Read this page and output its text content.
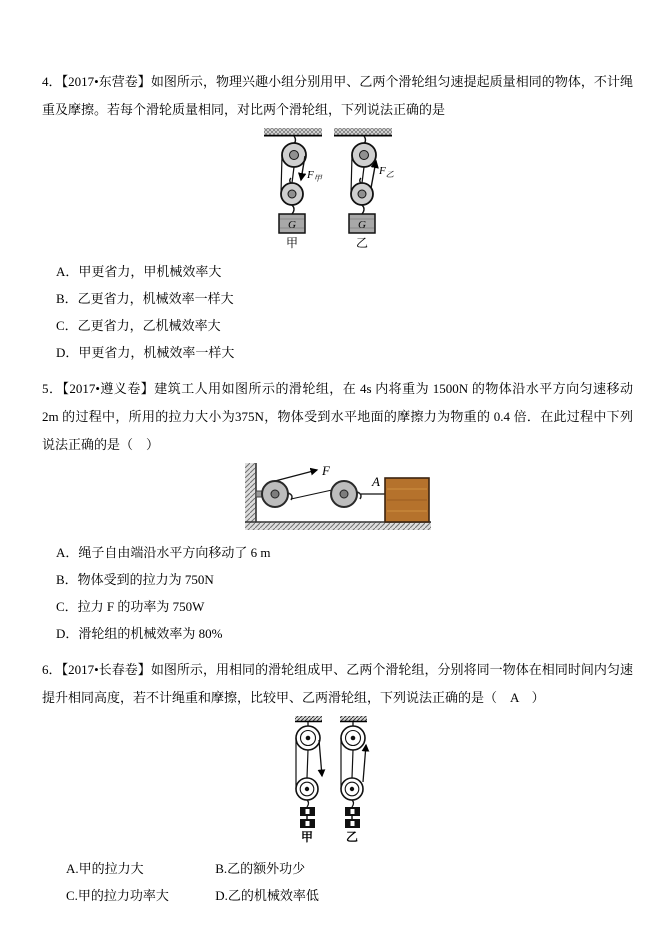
4．【2017•东营卷】如图所示，物理兴趣小组分别用甲、乙两个滑轮组匀速提起质量相同的物体，不计绳重及摩擦。若每个滑轮质量相同，对比两个滑轮组，下列说法正确的是

$F_甲$
G
甲
$F_乙$
G
乙
A．甲更省力，甲机械效率大
B．乙更省力，机械效率一样大
C．乙更省力，乙机械效率大
D．甲更省力，机械效率一样大

5．【2017•遵义卷】建筑工人用如图所示的滑轮组，在 4s 内将重为 1500N 的物体沿水平方向匀速移动 2m 的过程中，所用的拉力大小为375N，物体受到水平地面的摩擦力为物重的 0.4 倍．在此过程中下列说法正确的是（　）

F
A
A．绳子自由端沿水平方向移动了 6 m
B．物体受到的拉力为 750N
C．拉力 F 的功率为 750W
D．滑轮组的机械效率为 80%

6．【2017•长春卷】如图所示，用相同的滑轮组成甲、乙两个滑轮组，分别将同一物体在相同时间内匀速提升相同高度，若不计绳重和摩擦，比较甲、乙两滑轮组，下列说法正确的是（　A　）

甲	乙
A.甲的拉力大	B.乙的额外功少
C.甲的拉力功率大	D.乙的机械效率低
